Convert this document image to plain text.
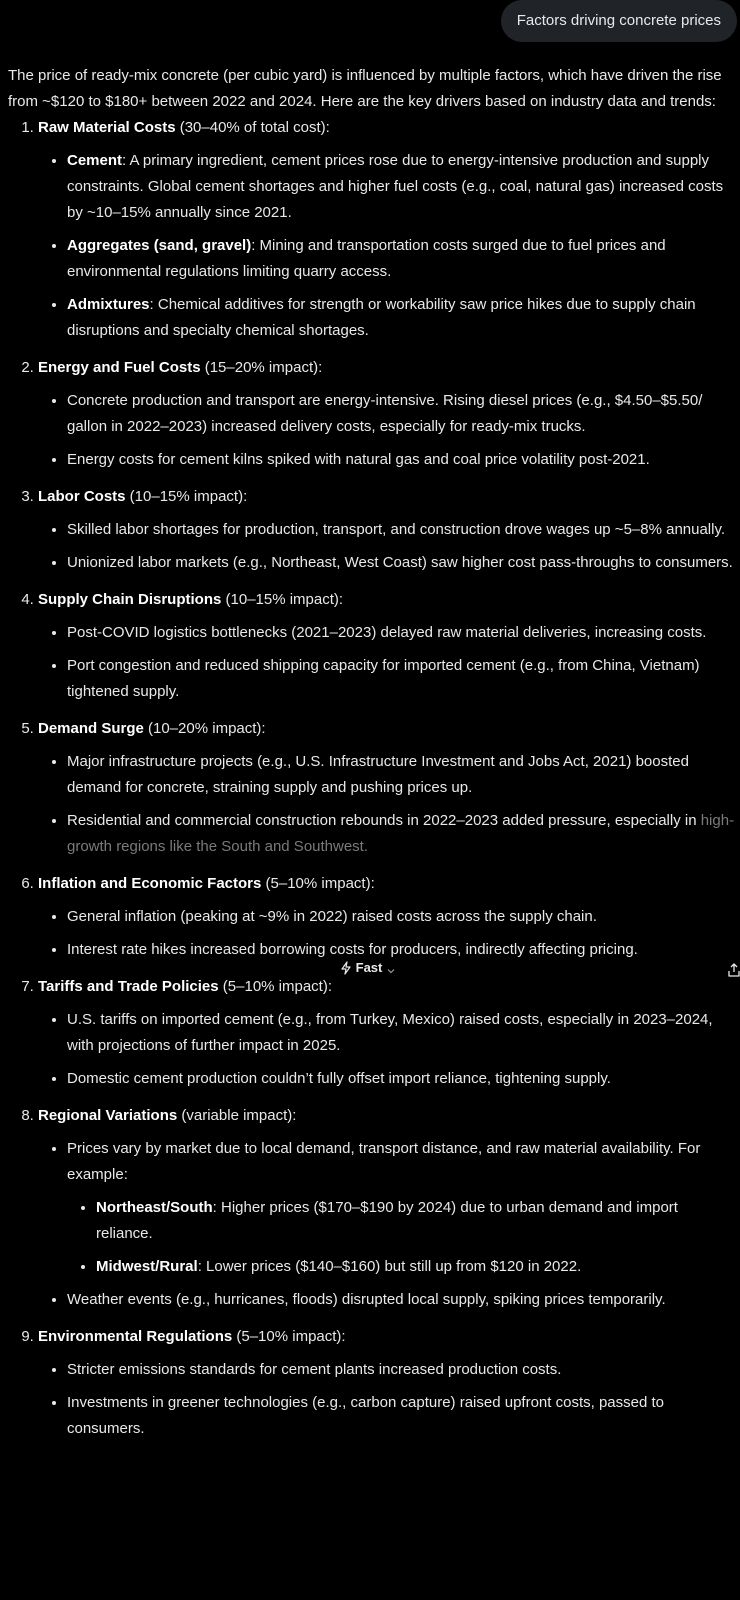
Factors driving concrete prices

The price of ready-mix concrete (per cubic yard) is influenced by multiple factors, which have driven the rise from ~$120 to $180+ between 2022 and 2024. Here are the key drivers based on industry data and trends:

1. Raw Material Costs (30–40% of total cost):
• Cement: A primary ingredient, cement prices rose due to energy-intensive production and supply constraints. Global cement shortages and higher fuel costs (e.g., coal, natural gas) increased costs by ~10–15% annually since 2021.
• Aggregates (sand, gravel): Mining and transportation costs surged due to fuel prices and environmental regulations limiting quarry access.
• Admixtures: Chemical additives for strength or workability saw price hikes due to supply chain disruptions and specialty chemical shortages.
2. Energy and Fuel Costs (15–20% impact):
• Concrete production and transport are energy-intensive. Rising diesel prices (e.g., $4.50–$5.50/ gallon in 2022–2023) increased delivery costs, especially for ready-mix trucks.
• Energy costs for cement kilns spiked with natural gas and coal price volatility post-2021.
3. Labor Costs (10–15% impact):
• Skilled labor shortages for production, transport, and construction drove wages up ~5–8% annually.
• Unionized labor markets (e.g., Northeast, West Coast) saw higher cost pass-throughs to consumers.
4. Supply Chain Disruptions (10–15% impact):
• Post-COVID logistics bottlenecks (2021–2023) delayed raw material deliveries, increasing costs.
• Port congestion and reduced shipping capacity for imported cement (e.g., from China, Vietnam) tightened supply.
5. Demand Surge (10–20% impact):
• Major infrastructure projects (e.g., U.S. Infrastructure Investment and Jobs Act, 2021) boosted demand for concrete, straining supply and pushing prices up.
• Residential and commercial construction rebounds in 2022–2023 added pressure, especially in high-growth regions like the South and Southwest.
6. Inflation and Economic Factors (5–10% impact):
• General inflation (peaking at ~9% in 2022) raised costs across the supply chain.
• Interest rate hikes increased borrowing costs for producers, indirectly affecting pricing.
7. Tariffs and Trade Policies (5–10% impact):
• U.S. tariffs on imported cement (e.g., from Turkey, Mexico) raised costs, especially in 2023–2024, with projections of further impact in 2025.
• Domestic cement production couldn’t fully offset import reliance, tightening supply.
8. Regional Variations (variable impact):
• Prices vary by market due to local demand, transport distance, and raw material availability. For example:
• Northeast/South: Higher prices ($170–$190 by 2024) due to urban demand and import reliance.
• Midwest/Rural: Lower prices ($140–$160) but still up from $120 in 2022.
• Weather events (e.g., hurricanes, floods) disrupted local supply, spiking prices temporarily.
9. Environmental Regulations (5–10% impact):
• Stricter emissions standards for cement plants increased production costs.
• Investments in greener technologies (e.g., carbon capture) raised upfront costs, passed to consumers.
Fast
